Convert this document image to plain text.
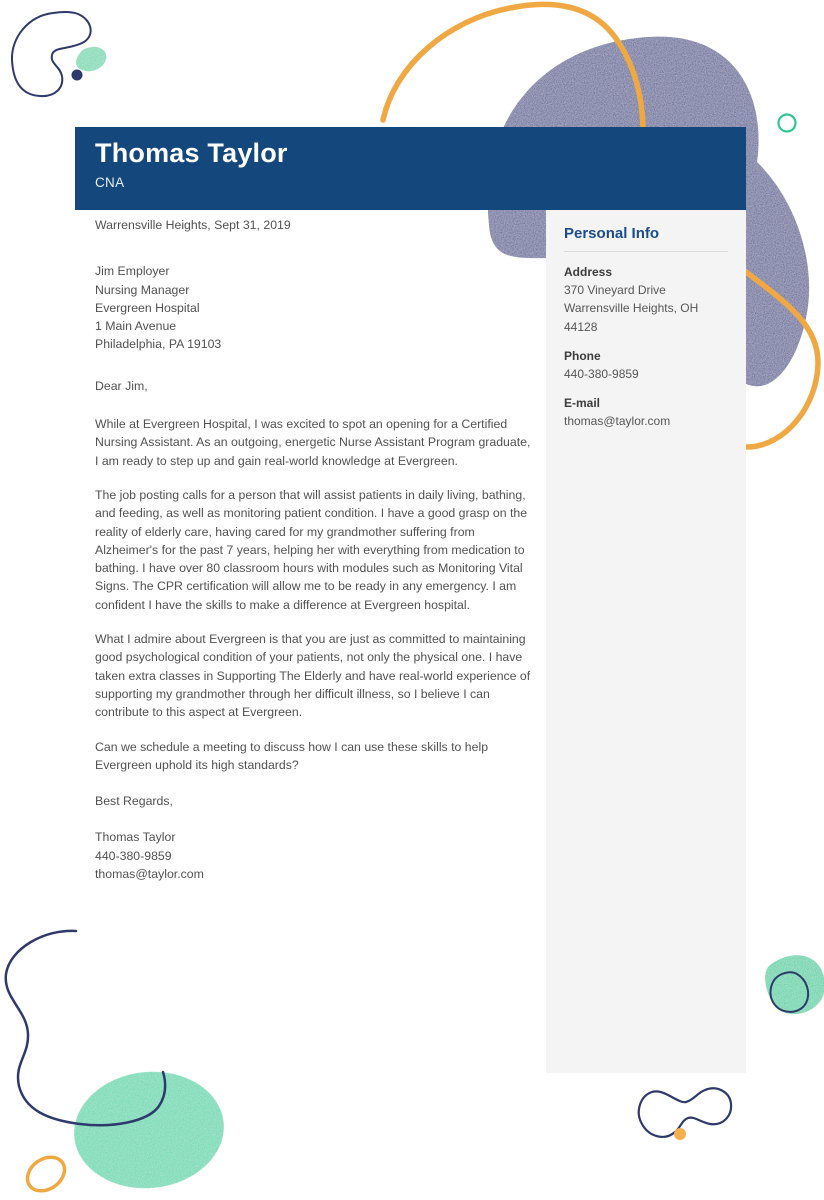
Thomas Taylor
CNA
Personal Info
Address
370 Vineyard Drive
Warrensville Heights, OH 44128
Phone
440-380-9859
E-mail
thomas@taylor.com
Warrensville Heights, Sept 31, 2019
Jim Employer
Nursing Manager
Evergreen Hospital
1 Main Avenue
Philadelphia, PA 19103
Dear Jim,

While at Evergreen Hospital, I was excited to spot an opening for a Certified Nursing Assistant. As an outgoing, energetic Nurse Assistant Program graduate, I am ready to step up and gain real-world knowledge at Evergreen.

The job posting calls for a person that will assist patients in daily living, bathing, and feeding, as well as monitoring patient condition. I have a good grasp on the reality of elderly care, having cared for my grandmother suffering from Alzheimer's for the past 7 years, helping her with everything from medication to bathing. I have over 80 classroom hours with modules such as Monitoring Vital Signs. The CPR certification will allow me to be ready in any emergency. I am confident I have the skills to make a difference at Evergreen hospital.

What I admire about Evergreen is that you are just as committed to maintaining good psychological condition of your patients, not only the physical one. I have taken extra classes in Supporting The Elderly and have real-world experience of supporting my grandmother through her difficult illness, so I believe I can contribute to this aspect at Evergreen.

Can we schedule a meeting to discuss how I can use these skills to help Evergreen uphold its high standards?

Best Regards,
Thomas Taylor
440-380-9859
thomas@taylor.com
